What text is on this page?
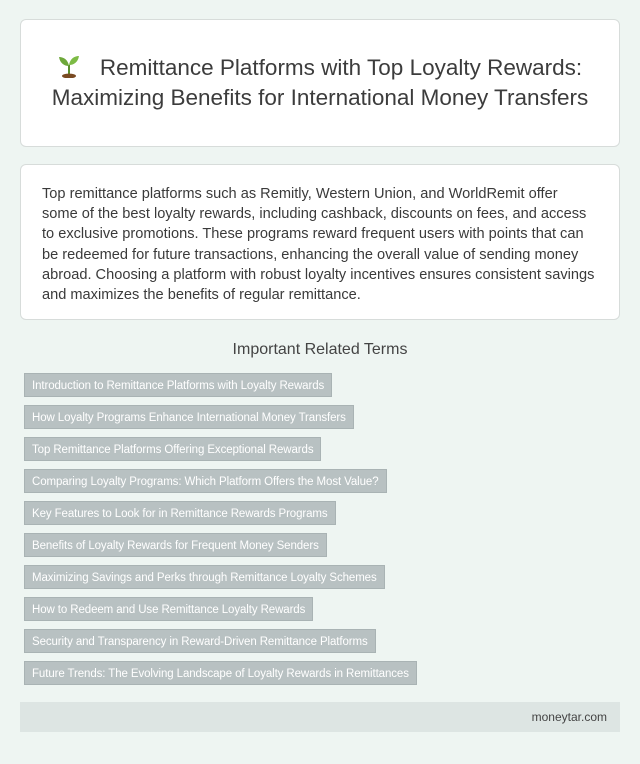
Remittance Platforms with Top Loyalty Rewards: Maximizing Benefits for International Money Transfers

Top remittance platforms such as Remitly, Western Union, and WorldRemit offer some of the best loyalty rewards, including cashback, discounts on fees, and access to exclusive promotions. These programs reward frequent users with points that can be redeemed for future transactions, enhancing the overall value of sending money abroad. Choosing a platform with robust loyalty incentives ensures consistent savings and maximizes the benefits of regular remittance.

Important Related Terms
Introduction to Remittance Platforms with Loyalty Rewards
How Loyalty Programs Enhance International Money Transfers
Top Remittance Platforms Offering Exceptional Rewards
Comparing Loyalty Programs: Which Platform Offers the Most Value?
Key Features to Look for in Remittance Rewards Programs
Benefits of Loyalty Rewards for Frequent Money Senders
Maximizing Savings and Perks through Remittance Loyalty Schemes
How to Redeem and Use Remittance Loyalty Rewards
Security and Transparency in Reward-Driven Remittance Platforms
Future Trends: The Evolving Landscape of Loyalty Rewards in Remittances
moneytar.com
